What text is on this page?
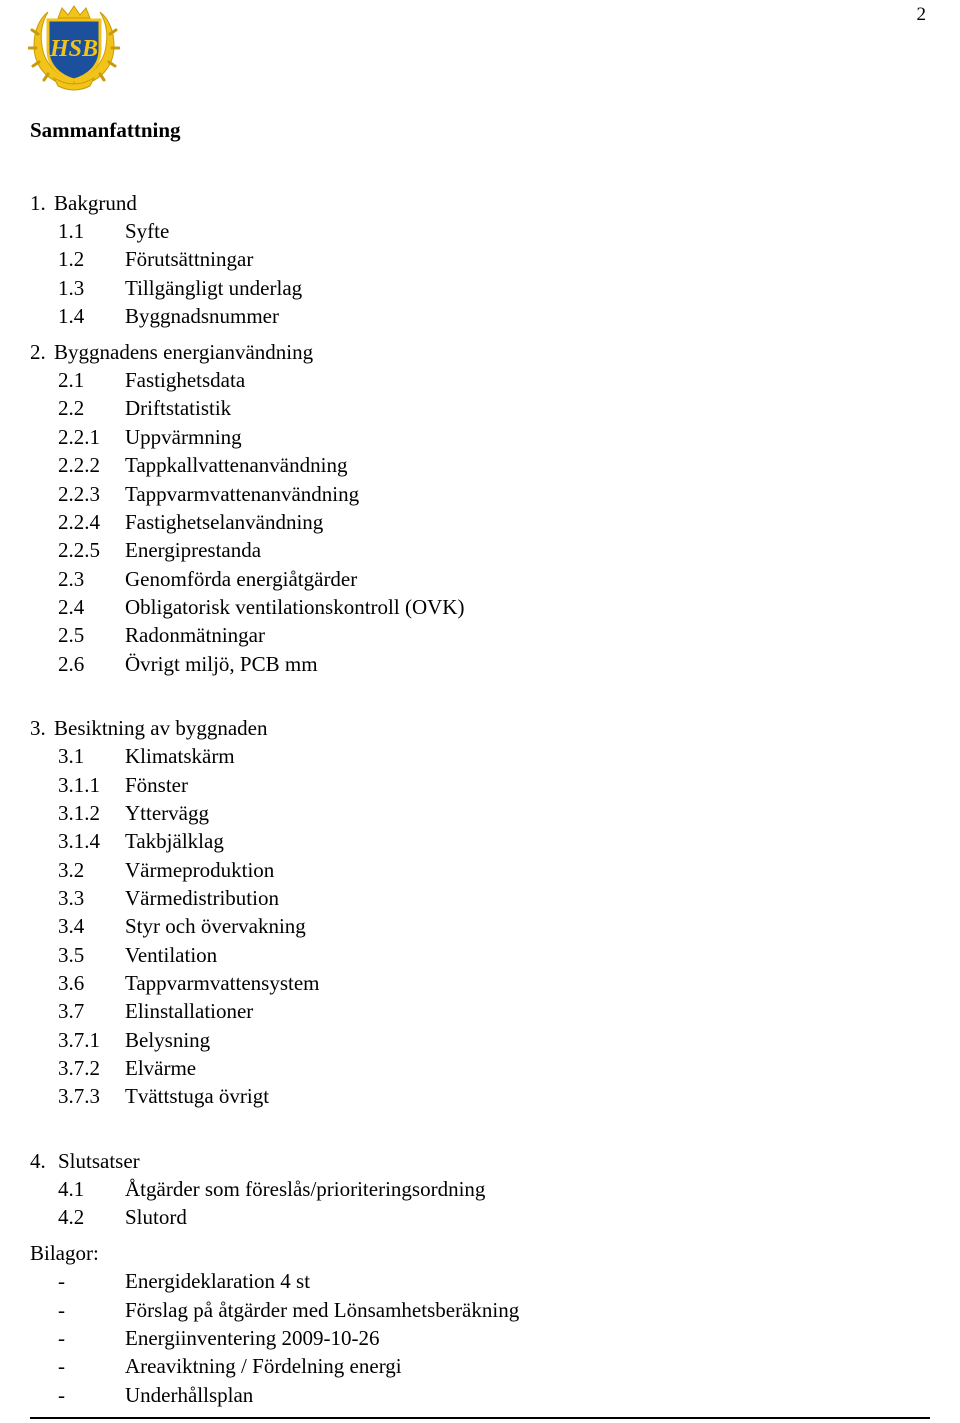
2
HSB
Sammanfattning
1. Bakgrund
1.1 Syfte
1.2 Förutsättningar
1.3 Tillgängligt underlag
1.4 Byggnadsnummer
2. Byggnadens energianvändning
2.1 Fastighetsdata
2.2 Driftstatistik
2.2.1 Uppvärmning
2.2.2 Tappkallvattenanvändning
2.2.3 Tappvarmvattenanvändning
2.2.4 Fastighetselanvändning
2.2.5 Energiprestanda
2.3 Genomförda energiåtgärder
2.4 Obligatorisk ventilationskontroll (OVK)
2.5 Radonmätningar
2.6 Övrigt miljö, PCB mm
3. Besiktning av byggnaden
3.1 Klimatskärm
3.1.1 Fönster
3.1.2 Yttervägg
3.1.4 Takbjälklag
3.2 Värmeproduktion
3.3 Värmedistribution
3.4 Styr och övervakning
3.5 Ventilation
3.6 Tappvarmvattensystem
3.7 Elinstallationer
3.7.1 Belysning
3.7.2 Elvärme
3.7.3 Tvättstuga övrigt
4. Slutsatser
4.1 Åtgärder som föreslås/prioriteringsordning
4.2 Slutord
Bilagor:
-	Energideklaration 4 st
-	Förslag på åtgärder med Lönsamhetsberäkning
-	Energiinventering 2009-10-26
-	Areaviktning / Fördelning energi
-	Underhållsplan
